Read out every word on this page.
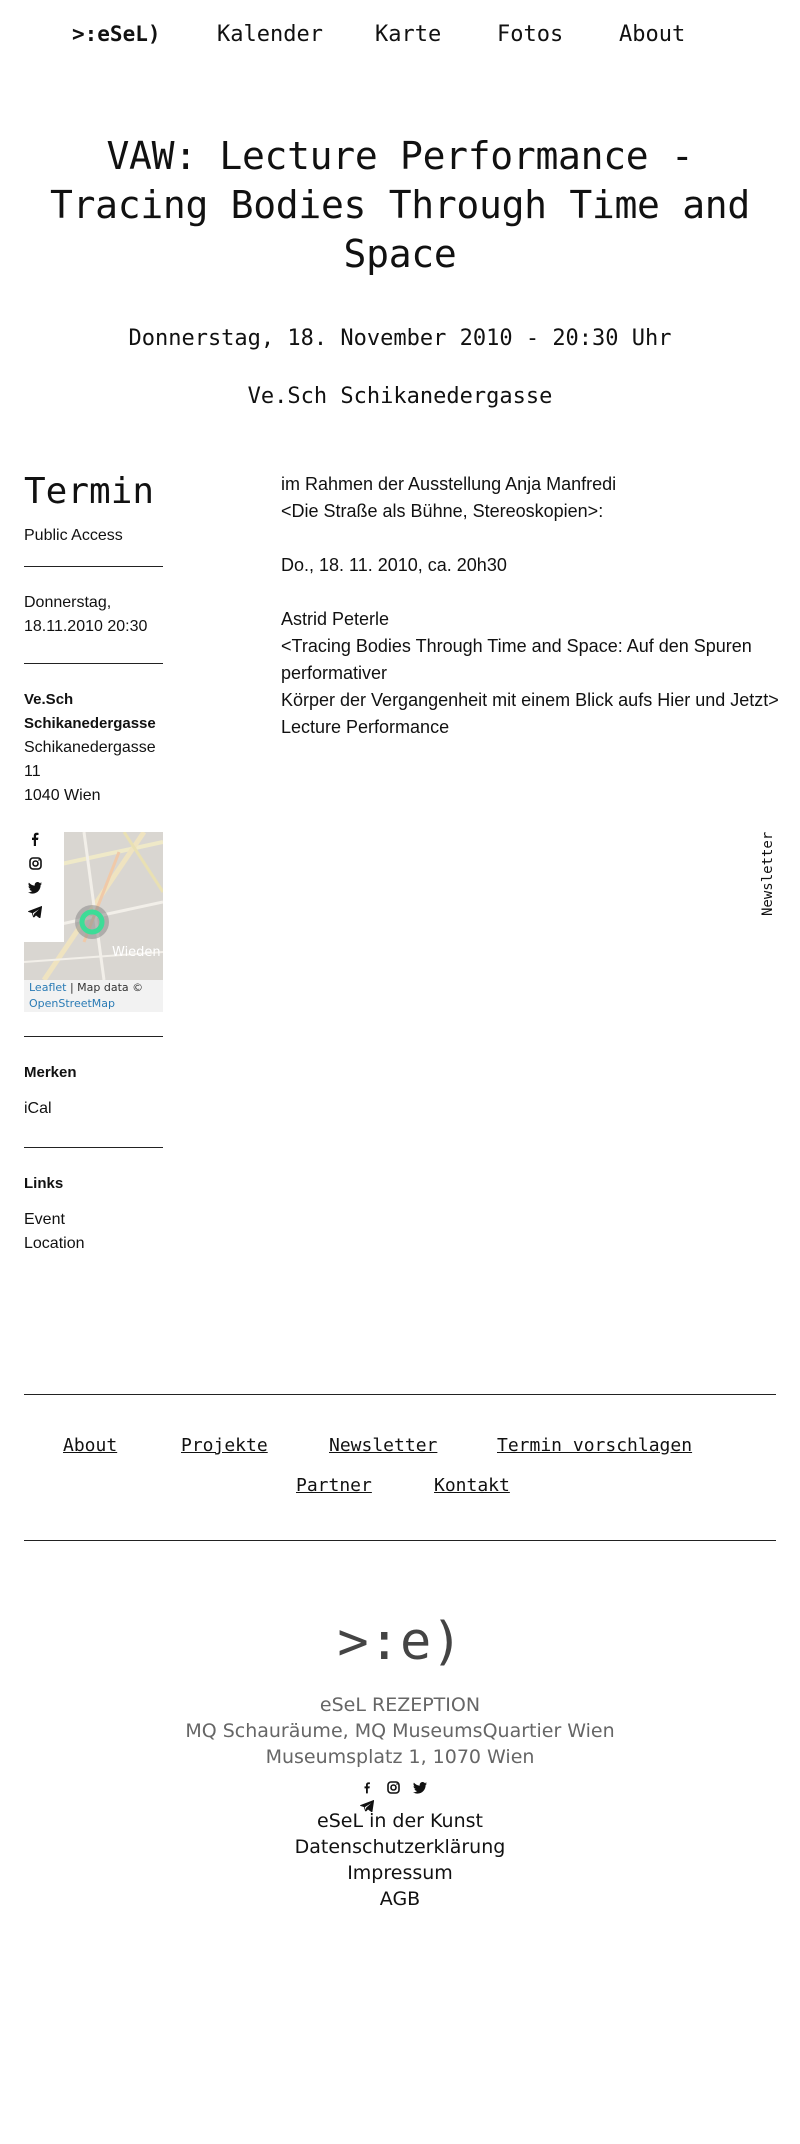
>:eSeL)	Kalender Karte	Fotos	About
VAW: Lecture Performance - Tracing Bodies Through Time and Space
Donnerstag, 18. November 2010 - 20:30 Uhr
Ve.Sch Schikanedergasse
Termin
Public Access
Donnerstag,
18.11.2010 20:30
Ve.Sch Schikanedergasse
Schikanedergasse 11
1040 Wien
Wieden
Leaflet | Map data ©
OpenStreetMap
Merken
iCal
Links
Event
Location

im Rahmen der Ausstellung Anja Manfredi

<Die Straße als Bühne, Stereoskopien>:

Do., 18. 11. 2010, ca. 20h30

Astrid Peterle

<Tracing Bodies Through Time and Space: Auf den Spuren performativer

Körper der Vergangenheit mit einem Blick aufs Hier und Jetzt>

Lecture Performance

Newsletter
About	Projekte	Newsletter	Termin vorschlagen
Partner	Kontakt
>:e)
eSeL REZEPTION
MQ Schauräume, MQ MuseumsQuartier Wien
Museumsplatz 1, 1070 Wien

eSeL in der Kunst
Datenschutzerklärung
Impressum
AGB
